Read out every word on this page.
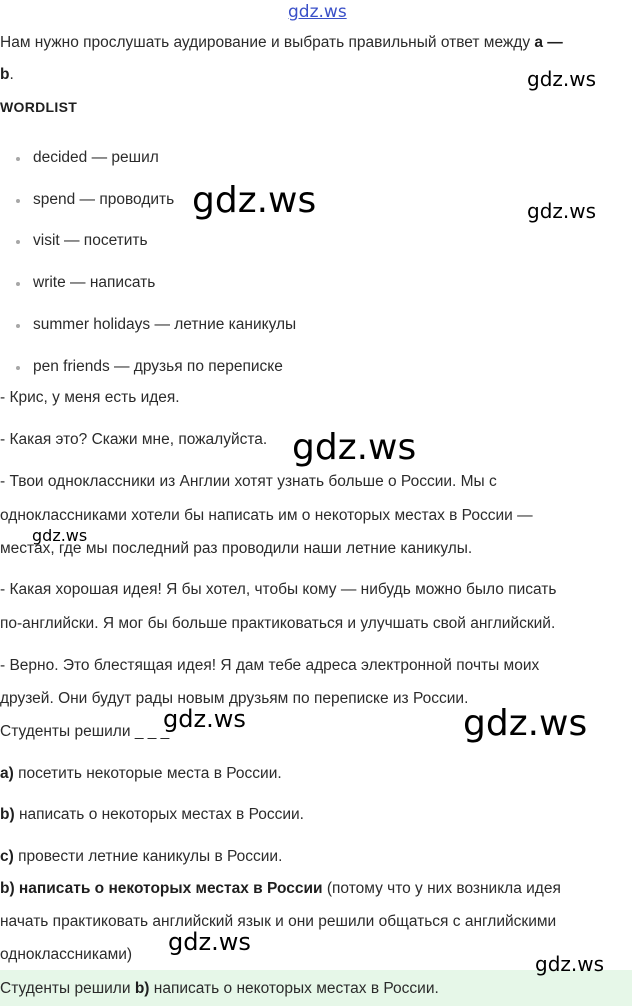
gdz.ws
Нам нужно прослушать аудирование и выбрать правильный ответ между a —
b.
WORDLIST
decided — решил
spend — проводить
visit — посетить
write — написать
summer holidays — летние каникулы
pen friends — друзья по переписке
- Крис, у меня есть идея.
- Какая это? Скажи мне, пожалуйста.
- Твои одноклассники из Англии хотят узнать больше о России. Мы с
одноклассниками хотели бы написать им о некоторых местах в России —
местах, где мы последний раз проводили наши летние каникулы.
- Какая хорошая идея! Я бы хотел, чтобы кому — нибудь можно было писать
по-английски. Я мог бы больше практиковаться и улучшать свой английский.
- Верно. Это блестящая идея! Я дам тебе адреса электронной почты моих
друзей. Они будут рады новым друзьям по переписке из России.
Студенты решили _ _ _
a) посетить некоторые места в России.
b) написать о некоторых местах в России.
c) провести летние каникулы в России.
b) написать о некоторых местах в России (потому что у них возникла идея
начать практиковать английский язык и они решили общаться с английскими
одноклассниками)
Студенты решили b) написать о некоторых местах в России.
gdz.ws
gdz.ws	gdz.ws
gdz.ws
gdz.ws
gdz.ws	gdz.ws
gdz.ws
gdz.ws
